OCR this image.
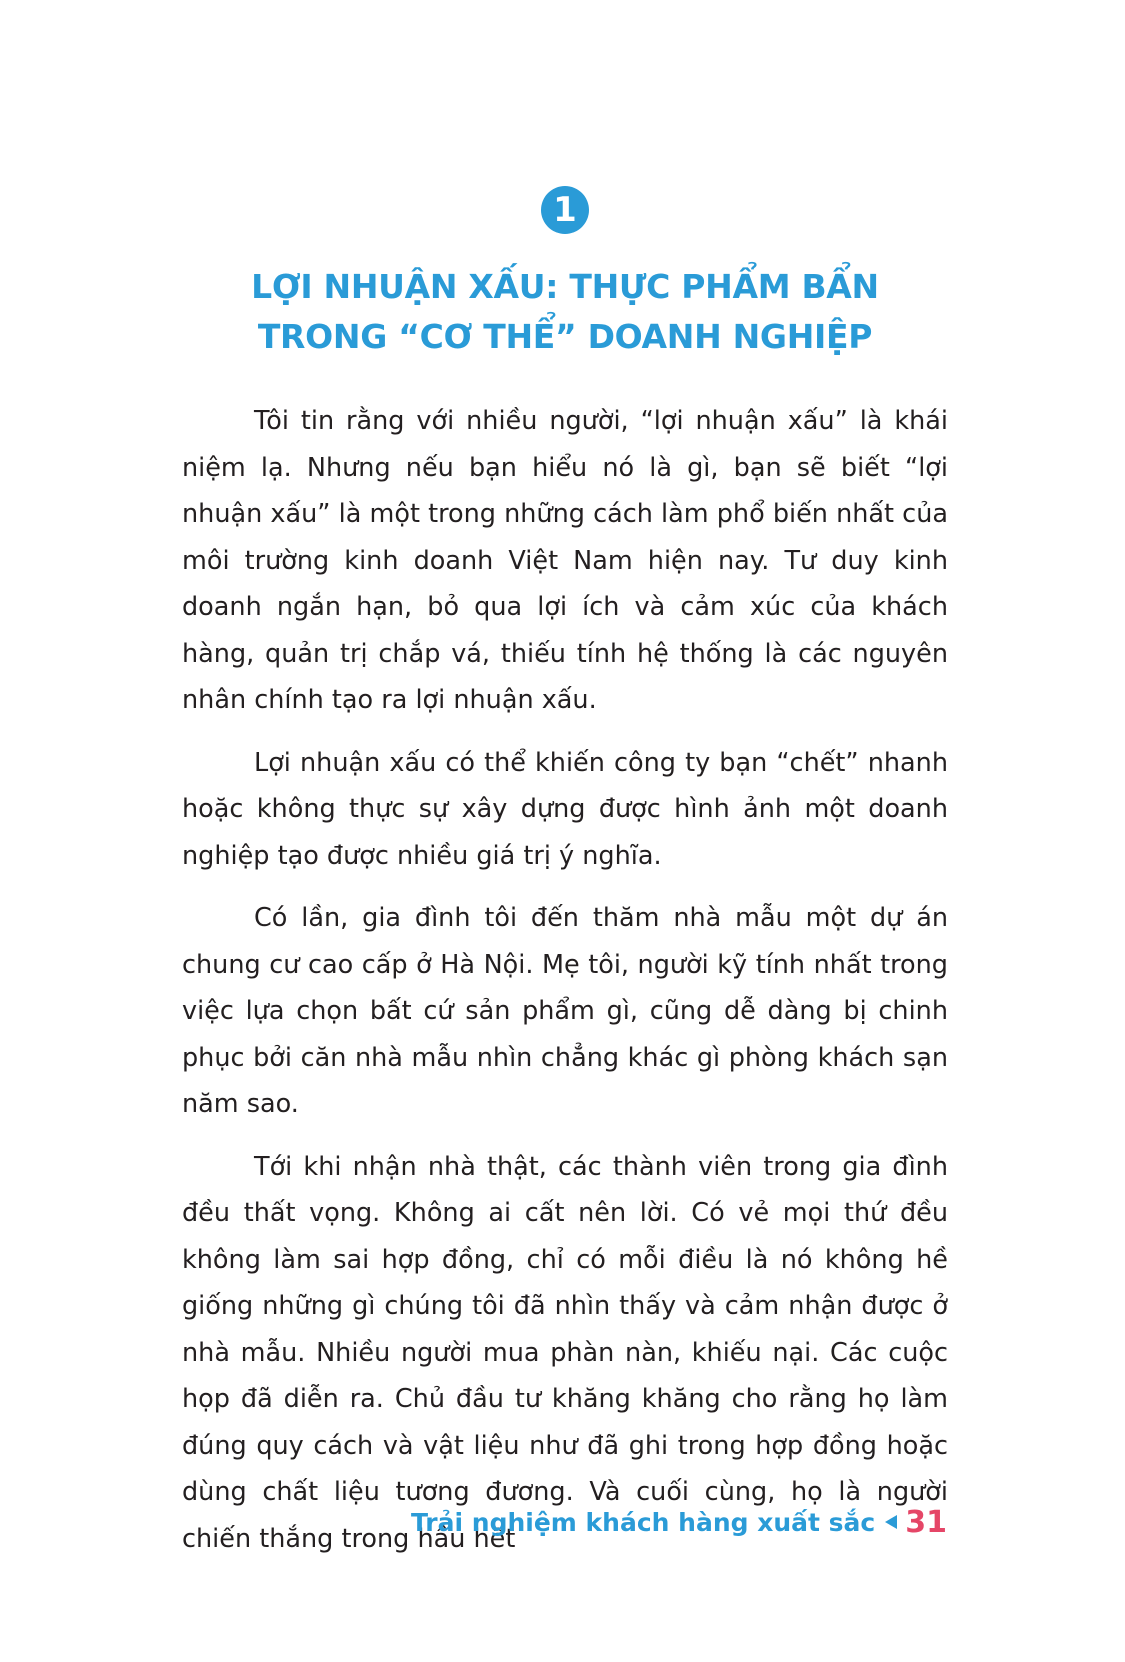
1
LỢI NHUẬN XẤU: THỰC PHẨM BẨN
TRONG “CƠ THỂ” DOANH NGHIỆP

Tôi tin rằng với nhiều người, “lợi nhuận xấu” là khái niệm lạ. Nhưng nếu bạn hiểu nó là gì, bạn sẽ biết “lợi nhuận xấu” là một trong những cách làm phổ biến nhất của môi trường kinh doanh Việt Nam hiện nay. Tư duy kinh doanh ngắn hạn, bỏ qua lợi ích và cảm xúc của khách hàng, quản trị chắp vá, thiếu tính hệ thống là các nguyên nhân chính tạo ra lợi nhuận xấu.

Lợi nhuận xấu có thể khiến công ty bạn “chết” nhanh hoặc không thực sự xây dựng được hình ảnh một doanh nghiệp tạo được nhiều giá trị ý nghĩa.

Có lần, gia đình tôi đến thăm nhà mẫu một dự án chung cư cao cấp ở Hà Nội. Mẹ tôi, người kỹ tính nhất trong việc lựa chọn bất cứ sản phẩm gì, cũng dễ dàng bị chinh phục bởi căn nhà mẫu nhìn chẳng khác gì phòng khách sạn năm sao.

Tới khi nhận nhà thật, các thành viên trong gia đình đều thất vọng. Không ai cất nên lời. Có vẻ mọi thứ đều không làm sai hợp đồng, chỉ có mỗi điều là nó không hề giống những gì chúng tôi đã nhìn thấy và cảm nhận được ở nhà mẫu. Nhiều người mua phàn nàn, khiếu nại. Các cuộc họp đã diễn ra. Chủ đầu tư khăng khăng cho rằng họ làm đúng quy cách và vật liệu như đã ghi trong hợp đồng hoặc dùng chất liệu tương đương. Và cuối cùng, họ là người chiến thắng trong hầu hết

Trải nghiệm khách hàng xuất sắc 31
